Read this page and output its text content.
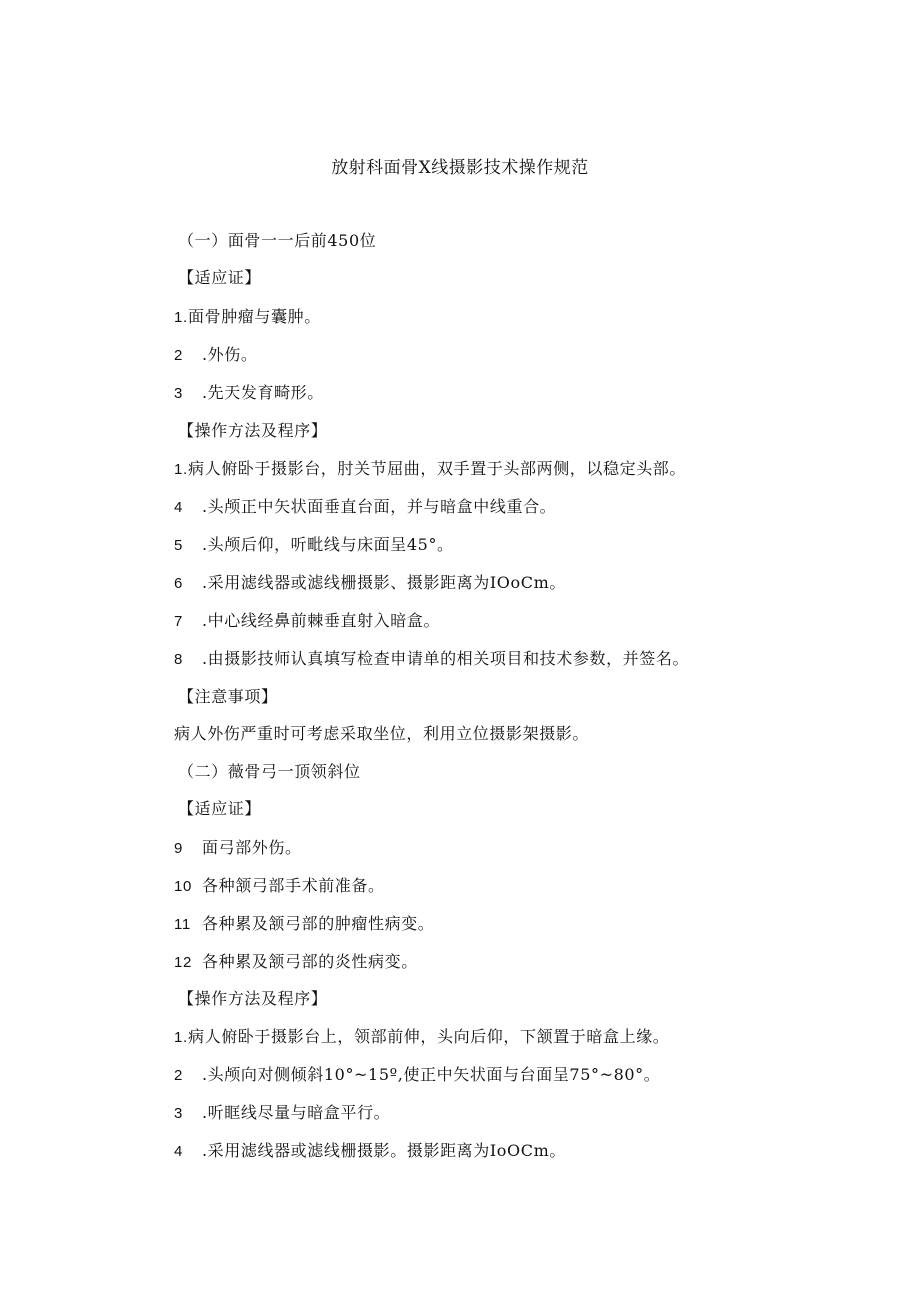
放射科面骨X线摄影技术操作规范
（一）面骨一一后前450位
【适应证】
1.面骨肿瘤与囊肿。
2 .外伤。
3 .先天发育畸形。
【操作方法及程序】
1.病人俯卧于摄影台，肘关节屈曲，双手置于头部两侧，以稳定头部。
4 .头颅正中矢状面垂直台面，并与暗盒中线重合。
5 .头颅后仰，听毗线与床面呈45°。
6 .采用滤线器或滤线栅摄影、摄影距离为IOoCm。
7 .中心线经鼻前棘垂直射入暗盒。
8 .由摄影技师认真填写检查申请单的相关项目和技术参数，并签名。
【注意事项】
病人外伤严重时可考虑采取坐位，利用立位摄影架摄影。
（二）薇骨弓一顶领斜位
【适应证】
9 面弓部外伤。
10 各种颔弓部手术前准备。
11 各种累及颔弓部的肿瘤性病变。
12 各种累及颔弓部的炎性病变。
【操作方法及程序】
1.病人俯卧于摄影台上，领部前伸，头向后仰，下颔置于暗盒上缘。
2 .头颅向对侧倾斜10°~15º,使正中矢状面与台面呈75°~80°。
3 .听眶线尽量与暗盒平行。
4 .采用滤线器或滤线栅摄影。摄影距离为IoOCm。
